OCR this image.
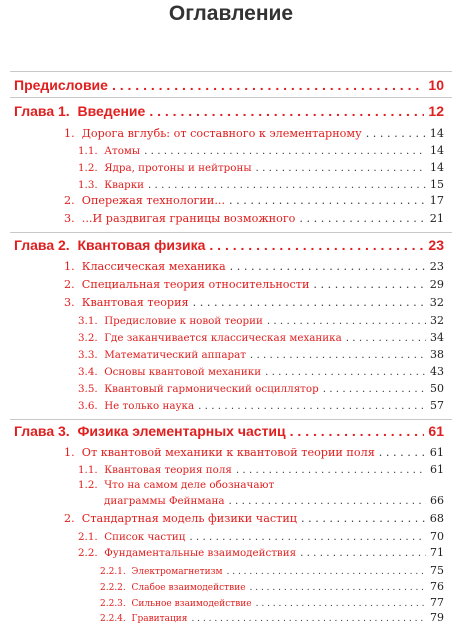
Оглавление
Предисловие . . .	10
Глава 1. Введение . . .	12
1. Дорога вглубь: от составного к элементарному . . .	14
1.1. Атомы . . .	14
1.2. Ядра, протоны и нейтроны . . .	14
1.3. Кварки . . .	15
2. Опережая технологии... . . .	17
3. ...И раздвигая границы возможного . . .	21
Глава 2. Квантовая физика . . .	23
1. Классическая механика . . .	23
2. Специальная теория относительности . . .	29
3. Квантовая теория . . .	32
3.1. Предисловие к новой теории . . .	32
3.2. Где заканчивается классическая механика . . .	34
3.3. Математический аппарат . . .	38
3.4. Основы квантовой механики . . .	43
3.5. Квантовый гармонический осциллятор . . .	50
3.6. Не только наука . . .	57
Глава 3. Физика элементарных частиц . . .	61
1. От квантовой механики к квантовой теории поля . . .	61
1.1. Квантовая теория поля . . .	61
1.2. Что на самом деле обозначают
диаграммы Фейнмана . . .	66
2. Стандартная модель физики частиц . . .	68
2.1. Список частиц . . .	70
2.2. Фундаментальные взаимодействия . . .	71
2.2.1. Электромагнетизм . . .	75
2.2.2. Слабое взаимодействие . . .	76
2.2.3. Сильное взаимодействие . . .	77
2.2.4. Гравитация . . .	79
